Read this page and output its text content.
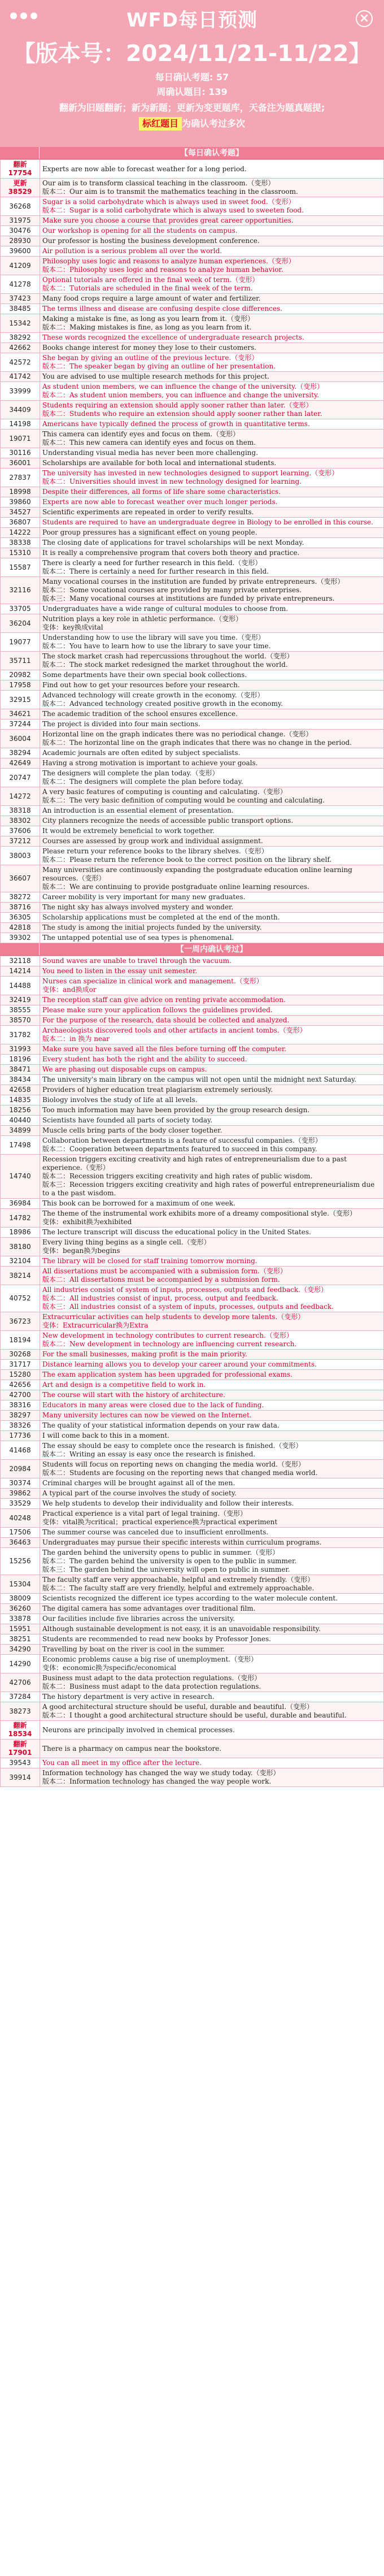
WFD每日预测	×
【版本号：2024/11/21-11/22】
每日确认考题: 57
周确认题目: 139
翻新为旧题翻新；新为新题；更新为变更题库，天备注为题真题提;
标红题目 为确认考过多次
【每日确认考题】
翻新17754	Experts are now able to forecast weather for a long period.

更新38529	Our aim is to transform classical teaching in the classroom.（变形）
版本二：Our aim is to transmit the mathematics teaching in the classroom.

36268	Sugar is a solid carbohydrate which is always used in sweet food.（变形）
版本二：Sugar is a solid carbohydrate which is always used to sweeten food.

31975	Make sure you choose a course that provides great career opportunities.

30476	Our workshop is opening for all the students on campus.

28930	Our professor is hosting the business development conference.

39600	Air pollution is a serious problem all over the world.

41209	Philosophy uses logic and reasons to analyze human experiences.（变形）
版本二：Philosophy uses logic and reasons to analyze human behavior.

41278	Optional tutorials are offered in the final week of term.（变形）
版本二：Tutorials are scheduled in the final week of the term.

37423	Many food crops require a large amount of water and fertilizer.

38485	The terms illness and disease are confusing despite close differences.

15342	Making a mistake is fine, as long as you learn from it.（变形）
版本二：Making mistakes is fine, as long as you learn from it.

38292	These words recognized the excellence of undergraduate research projects.

42662	Books change interest for money they lose to their customers.

42572	She began by giving an outline of the previous lecture.（变形）
版本二：The speaker began by giving an outline of her presentation.

41742	You are advised to use multiple research methods for this project.

33999	As student union members, we can influence the change of the university.（变形）
版本二：As student union members, you can influence and change the university.

34409	Students requiring an extension should apply sooner rather than later.（变形）
版本二：Students who require an extension should apply sooner rather than later.

14198	Americans have typically defined the process of growth in quantitative terms.

19071	This camera can identify eyes and focus on them.（变形）
版本二：This new camera can identify eyes and focus on them.

30116	Understanding visual media has never been more challenging.

36001	Scholarships are available for both local and international students.

27837	The university has invested in new technologies designed to support learning.（变形）
版本二：Universities should invest in new technology designed for learning.

18998	Despite their differences, all forms of life share some characteristics.

39860	Experts are now able to forecast weather over much longer periods.

34527	Scientific experiments are repeated in order to verify results.

36807	Students are required to have an undergraduate degree in Biology to be enrolled in this course.

14222	Poor group pressures has a significant effect on young people.

38338	The closing date of applications for travel scholarships will be next Monday.

15310	It is really a comprehensive program that covers both theory and practice.

15587	There is clearly a need for further research in this field.（变形）
版本二：There is certainly a need for further research in this field.

32116	Many vocational courses in the institution are funded by private entrepreneurs.（变形）
版本二：Some vocational courses are provided by many private enterprises.
版本三：Many vocational courses at institutions are funded by private entrepreneurs.

33705	Undergraduates have a wide range of cultural modules to choose from.

36204	Nutrition plays a key role in athletic performance.（变形）
变体：key换成vital

19077	Understanding how to use the library will save you time.（变形）
版本二：You have to learn how to use the library to save your time.

35711	The stock market crash had repercussions throughout the world.（变形）
版本二：The stock market redesigned the market throughout the world.

20982	Some departments have their own special book collections.

17958	Find out how to get your resources before your research.

32915	Advanced technology will create growth in the economy.（变形）
版本二：Advanced technology created positive growth in the economy.

34621	The academic tradition of the school ensures excellence.

37244	The project is divided into four main sections.

36004	Horizontal line on the graph indicates there was no periodical change.（变形）
版本二：The horizontal line on the graph indicates that there was no change in the period.

38294	Academic journals are often edited by subject specialists.

42649	Having a strong motivation is important to achieve your goals.

20747	The designers will complete the plan today.（变形）
版本二：The designers will complete the plan before today.

14272	A very basic features of computing is counting and calculating.（变形）
版本二：The very basic definition of computing would be counting and calculating.

38318	An introduction is an essential element of presentation.

38302	City planners recognize the needs of accessible public transport options.

37606	It would be extremely beneficial to work together.

37212	Courses are assessed by group work and individual assignment.

38003	Please return your reference books to the library shelves.（变形）
版本二：Please return the reference book to the correct position on the library shelf.

36607	Many universities are continuously expanding the postgraduate education online learning resources.（变形）
版本二：We are continuing to provide postgraduate online learning resources.

38272	Career mobility is very important for many new graduates.

38716	The night sky has always involved mystery and wonder.

36305	Scholarship applications must be completed at the end of the month.

42818	The study is among the initial projects funded by the university.

39302	The untapped potential use of sea types is phenomenal.
【一周内确认考过】
32118	Sound waves are unable to travel through the vacuum.

14214	You need to listen in the essay unit semester.

14488	Nurses can specialize in clinical work and management.（变形）
变体：and换成or

32419	The reception staff can give advice on renting private accommodation.

38555	Please make sure your application follows the guidelines provided.

38570	For the purpose of the research, data should be collected and analyzed.

31782	Archaeologists discovered tools and other artifacts in ancient tombs.（变形）
版本二：in 换为 near

31993	Make sure you have saved all the files before turning off the computer.

18196	Every student has both the right and the ability to succeed.

38471	We are phasing out disposable cups on campus.

38434	The university's main library on the campus will not open until the midnight next Saturday.

42658	Providers of higher education treat plagiarism extremely seriously.

14835	Biology involves the study of life at all levels.

18256	Too much information may have been provided by the group research design.

40440	Scientists have founded all parts of society today.

34899	Muscle cells bring parts of the body closer together.

17498	Collaboration between departments is a feature of successful companies.（变形）
版本二：Cooperation between departments featured to succeed in this company.

14740	Recession triggers exciting creativity and high rates of entrepreneurialism due to a past experience.（变形）
版本二：Recession triggers exciting creativity and high rates of public wisdom.
版本三：Recession triggers exciting creativity and high rates of powerful entrepreneurialism due to a the past wisdom.

36984	This book can be borrowed for a maximum of one week.

14782	The theme of the instrumental work exhibits more of a dreamy compositional style.（变形）
变体：exhibit换为exhibited

18986	The lecture transcript will discuss the educational policy in the United States.

38180	Every living thing begins as a single cell.（变形）
变体：began换为begins

32104	The library will be closed for staff training tomorrow morning.

38214	All dissertations must be accompanied with a submission form.（变形）
版本二：All dissertations must be accompanied by a submission form.

40752	All industries consist of system of inputs, processes, outputs and feedback.（变形）
版本二：All industries consist of input, process, output and feedback.
版本三：All industries consist of a system of inputs, processes, outputs and feedback.

36723	Extracurricular activities can help students to develop more talents.（变形）
变体：Extracurricular换为Extra

18194	New development in technology contributes to current research.（变形）
版本二：New development in technology are influencing current research.

30268	For the small businesses, making profit is the main priority.

31717	Distance learning allows you to develop your career around your commitments.

15280	The exam application system has been upgraded for professional exams.

42656	Art and design is a competitive field to work in.

42700	The course will start with the history of architecture.

38316	Educators in many areas were closed due to the lack of funding.

38297	Many university lectures can now be viewed on the Internet.

38326	The quality of your statistical information depends on your raw data.

17736	I will come back to this in a moment.

41468	The essay should be easy to complete once the research is finished.（变形）
版本二：Writing an essay is easy once the research is finished.

20984	Students will focus on reporting news on changing the media world.（变形）
版本二：Students are focusing on the reporting news that changed media world.

30374	Criminal charges will be brought against all of the men.

39862	A typical part of the course involves the study of society.

33529	We help students to develop their individuality and follow their interests.

40248	Practical experience is a vital part of legal training.（变形）
变体：vital换为critical；practical experience换为practical experiment

17506	The summer course was canceled due to insufficient enrollments.

36463	Undergraduates may pursue their specific interests within curriculum programs.

15256	The garden behind the university opens to public in summer.（变形）
版本二：The garden behind the university is open to the public in summer.
版本三：The garden behind the university will open to public in summer.

15304	The faculty staff are very approachable, helpful and extremely friendly.（变形）
版本二：The faculty staff are very friendly, helpful and extremely approachable.

38009	Scientists recognized the different ice types according to the water molecule content.

36260	The digital camera has some advantages over traditional film.

33878	Our facilities include five libraries across the university.

15951	Although sustainable development is not easy, it is an unavoidable responsibility.

38251	Students are recommended to read new books by Professor Jones.

34290	Travelling by boat on the river is cool in the summer.

14290	Economic problems cause a big rise of unemployment.（变形）
变体：economic换为specific/economical

42706	Business must adapt to the data protection regulations.（变形）
版本二：Business must adapt to the data protection regulations.

37284	The history department is very active in research.

38273	A good architectural structure should be useful, durable and beautiful.（变形）
版本二：I thought a good architectural structure should be useful, durable and beautiful.

翻新18534	Neurons are principally involved in chemical processes.

翻新17901	There is a pharmacy on campus near the bookstore.

39543	You can all meet in my office after the lecture.

39914	Information technology has changed the way we study today.（变形）
版本二：Information technology has changed the way people work.
